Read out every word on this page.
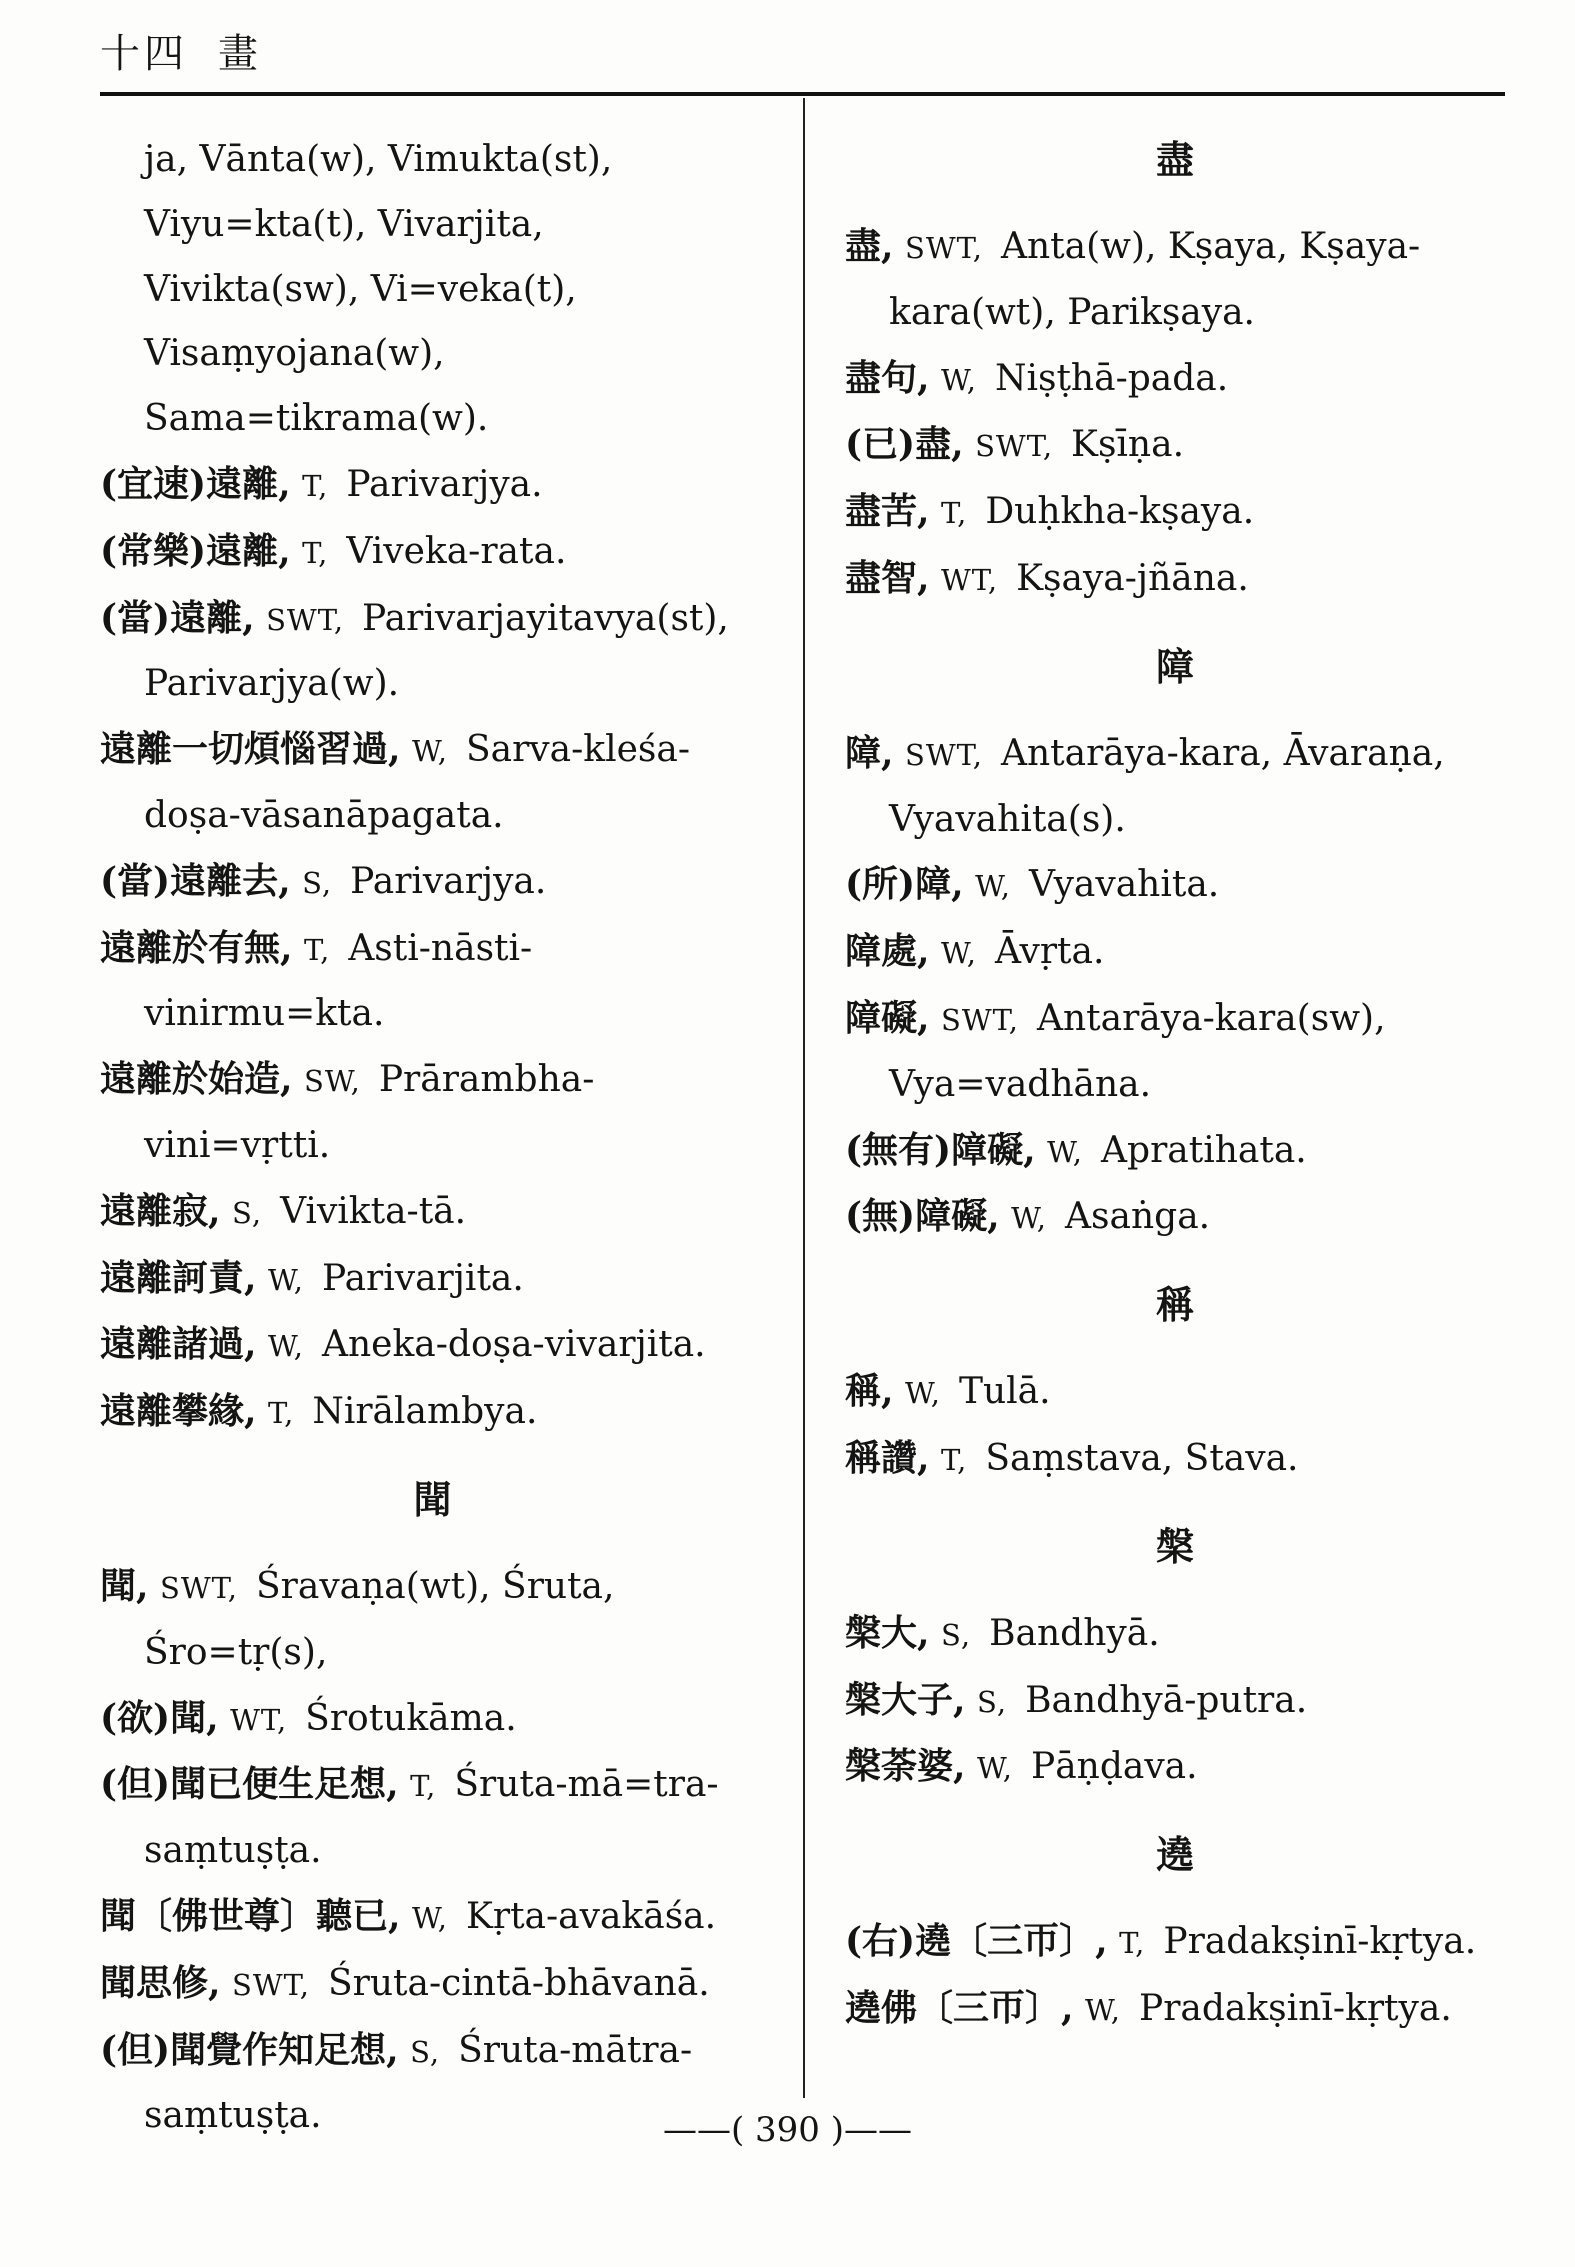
十四 畫
ja, Vānta(w), Vimukta(st), Viyu=kta(t), Vivarjita, Vivikta(sw), Vi=veka(t), Visaṃyojana(w), Sama=tikrama(w).
(宜速)遠離, T, Parivarjya.
(常樂)遠離, T, Viveka-rata.
(當)遠離, SWT, Parivarjayitavya(st), Parivarjya(w).
遠離一切煩惱習過, W, Sarva-kleśa-doṣa-vāsanāpagata.
(當)遠離去, S, Parivarjya.
遠離於有無, T, Asti-nāsti-vinirmu=kta.
遠離於始造, SW, Prārambha-vini=vṛtti.
遠離寂, S, Vivikta-tā.
遠離訶責, W, Parivarjita.
遠離諸過, W, Aneka-doṣa-vivarjita.
遠離攀緣, T, Nirālambya.
聞
聞, SWT, Śravaṇa(wt), Śruta, Śro=tṛ(s),
(欲)聞, WT, Śrotukāma.
(但)聞已便生足想, T, Śruta-mā=tra-saṃtuṣṭa.
聞〔佛世尊〕聽已, W, Kṛta-avakāśa.
聞思修, SWT, Śruta-cintā-bhāvanā.
(但)聞覺作知足想, S, Śruta-mātra-saṃtuṣṭa.
盡
盡, SWT, Anta(w), Kṣaya, Kṣaya-kara(wt), Parikṣaya.
盡句, W, Niṣṭhā-pada.
(已)盡, SWT, Kṣīṇa.
盡苦, T, Duḥkha-kṣaya.
盡智, WT, Kṣaya-jñāna.
障
障, SWT, Antarāya-kara, Āvaraṇa, Vyavahita(s).
(所)障, W, Vyavahita.
障處, W, Āvṛta.
障礙, SWT, Antarāya-kara(sw), Vya=vadhāna.
(無有)障礙, W, Apratihata.
(無)障礙, W, Asaṅga.
稱
稱, W, Tulā.
稱讚, T, Saṃstava, Stava.
槃
槃大, S, Bandhyā.
槃大子, S, Bandhyā-putra.
槃荼婆, W, Pāṇḍava.
遶
(右)遶〔三帀〕, T, Pradakṣinī-kṛtya.
遶佛〔三帀〕, W, Pradakṣinī-kṛtya.
——( 390 )——
